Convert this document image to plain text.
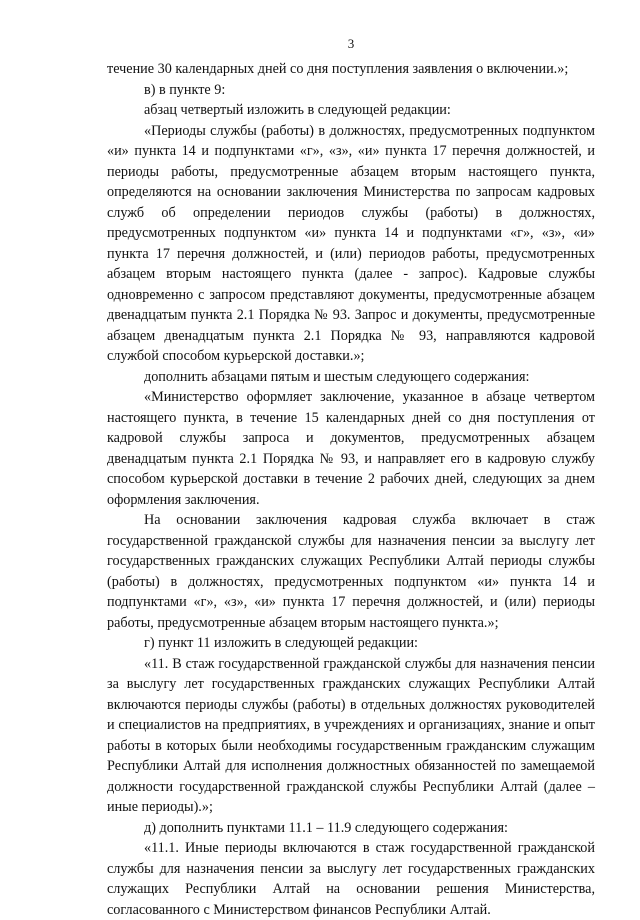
3

течение 30 календарных дней со дня поступления заявления о включении.»;

в) в пункте 9:

абзац четвертый изложить в следующей редакции:

«Периоды службы (работы) в должностях, предусмотренных подпунктом «и» пункта 14 и подпунктами «г», «з», «и» пункта 17 перечня должностей, и периоды работы, предусмотренные абзацем вторым настоящего пункта, определяются на основании заключения Министерства по запросам кадровых служб об определении периодов службы (работы) в должностях, предусмотренных подпунктом «и» пункта 14 и подпунктами «г», «з», «и» пункта 17 перечня должностей, и (или) периодов работы, предусмотренных абзацем вторым настоящего пункта (далее - запрос). Кадровые службы одновременно с запросом представляют документы, предусмотренные абзацем двенадцатым пункта 2.1 Порядка № 93. Запрос и документы, предусмотренные абзацем двенадцатым пункта 2.1 Порядка № 93, направляются кадровой службой способом курьерской доставки.»;

дополнить абзацами пятым и шестым следующего содержания:

«Министерство оформляет заключение, указанное в абзаце четвертом настоящего пункта, в течение 15 календарных дней со дня поступления от кадровой службы запроса и документов, предусмотренных абзацем двенадцатым пункта 2.1 Порядка № 93, и направляет его в кадровую службу способом курьерской доставки в течение 2 рабочих дней, следующих за днем оформления заключения.

На основании заключения кадровая служба включает в стаж государственной гражданской службы для назначения пенсии за выслугу лет государственных гражданских служащих Республики Алтай периоды службы (работы) в должностях, предусмотренных подпунктом «и» пункта 14 и подпунктами «г», «з», «и» пункта 17 перечня должностей, и (или) периоды работы, предусмотренные абзацем вторым настоящего пункта.»;

г) пункт 11 изложить в следующей редакции:

«11. В стаж государственной гражданской службы для назначения пенсии за выслугу лет государственных гражданских служащих Республики Алтай включаются периоды службы (работы) в отдельных должностях руководителей и специалистов на предприятиях, в учреждениях и организациях, знание и опыт работы в которых были необходимы государственным гражданским служащим Республики Алтай для исполнения должностных обязанностей по замещаемой должности государственной гражданской службы Республики Алтай (далее – иные периоды).»;

д) дополнить пунктами 11.1 – 11.9 следующего содержания:

«11.1. Иные периоды включаются в стаж государственной гражданской службы для назначения пенсии за выслугу лет государственных гражданских служащих Республики Алтай на основании решения Министерства, согласованного с Министерством финансов Республики Алтай.
